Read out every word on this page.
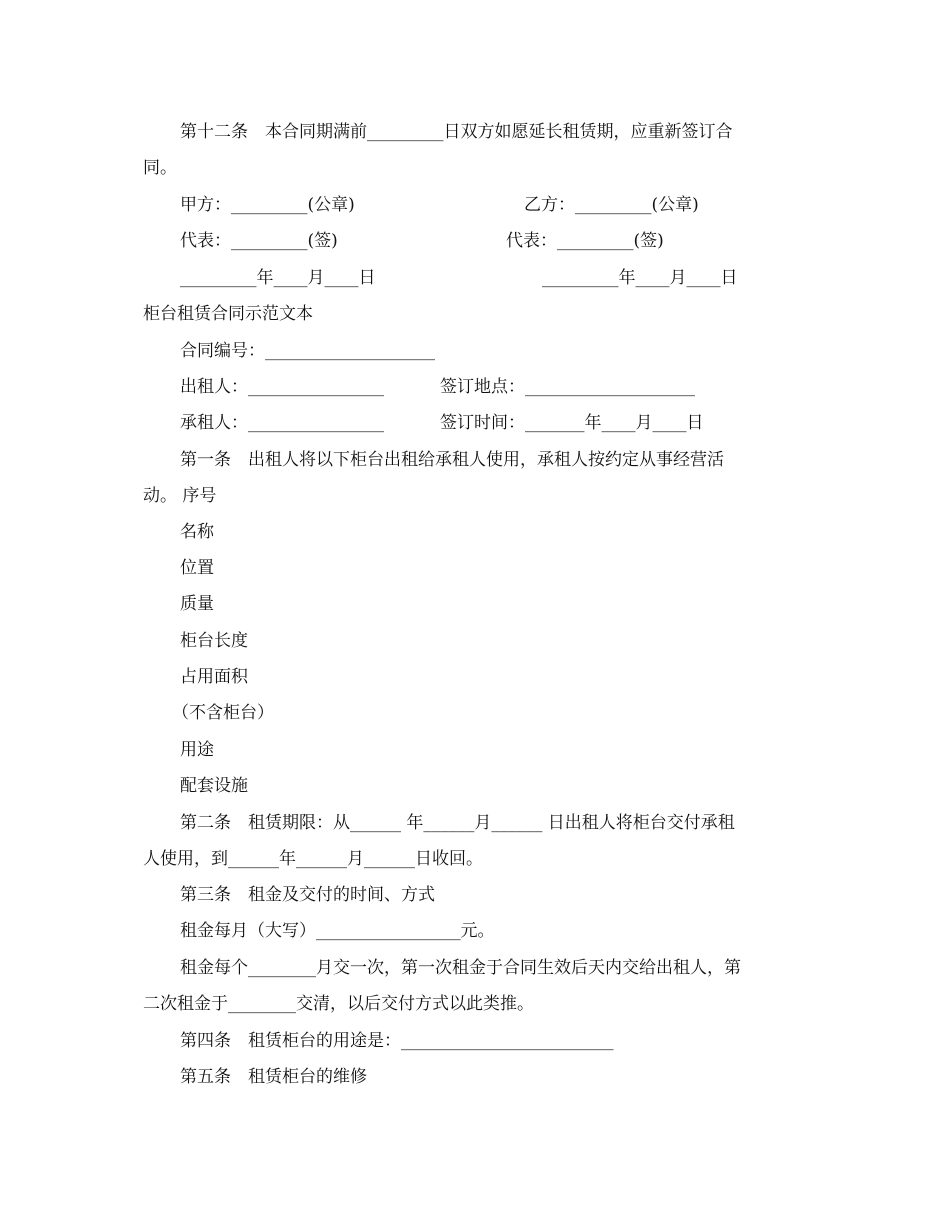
第十二条　本合同期满前_________日双方如愿延长租赁期，应重新签订合
同。
甲方：_________(公章)	乙方：_________(公章)
代表：_________(签)	代表：_________(签)
_________年____月____日	_________年____月____日
柜台租赁合同示范文本
合同编号：____________________
出租人：________________	签订地点：____________________
承租人：________________	签订时间：_______年____月____日
第一条　出租人将以下柜台出租给承租人使用，承租人按约定从事经营活
动。 序号
名称
位置
质量
柜台长度
占用面积
（不含柜台）
用途
配套设施
第二条　租赁期限：从______ 年______月______ 日出租人将柜台交付承租
人使用，到______年______月______日收回。
第三条　租金及交付的时间、方式
租金每月（大写）_________________元。
租金每个________月交一次，第一次租金于合同生效后天内交给出租人，第
二次租金于________交清，以后交付方式以此类推。
第四条　租赁柜台的用途是：_________________________
第五条　租赁柜台的维修
